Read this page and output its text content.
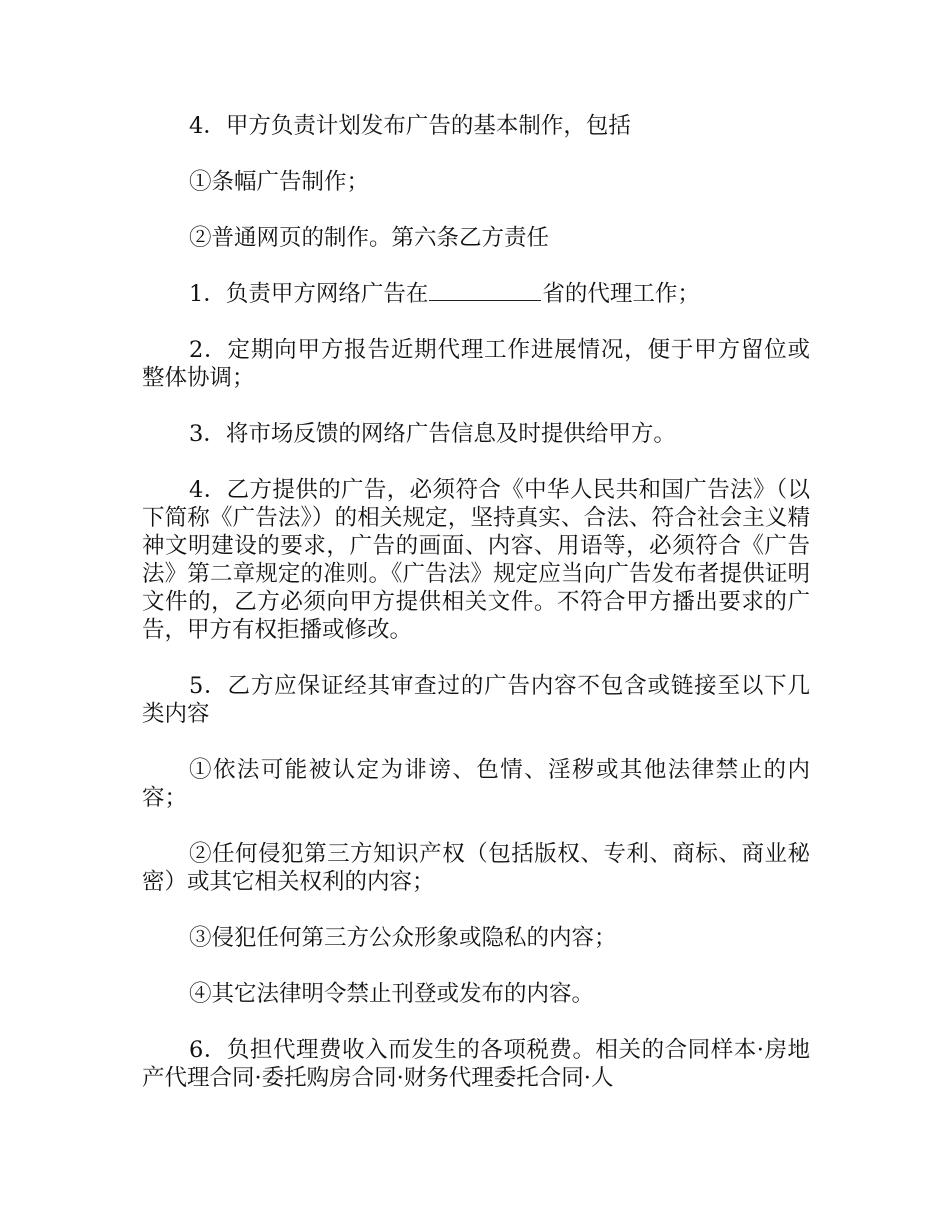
4．甲方负责计划发布广告的基本制作，包括

①条幅广告制作；

②普通网页的制作。第六条乙方责任

1．负责甲方网络广告在	省的代理工作；

2．定期向甲方报告近期代理工作进展情况，便于甲方留位或整体协调；

3．将市场反馈的网络广告信息及时提供给甲方。

4．乙方提供的广告，必须符合《中华人民共和国广告法》（以下简称《广告法》）的相关规定，坚持真实、合法、符合社会主义精神文明建设的要求，广告的画面、内容、用语等，必须符合《广告法》第二章规定的准则。《广告法》规定应当向广告发布者提供证明文件的，乙方必须向甲方提供相关文件。不符合甲方播出要求的广告，甲方有权拒播或修改。

5．乙方应保证经其审查过的广告内容不包含或链接至以下几类内容

①依法可能被认定为诽谤、色情、淫秽或其他法律禁止的内容；

②任何侵犯第三方知识产权（包括版权、专利、商标、商业秘密）或其它相关权利的内容；

③侵犯任何第三方公众形象或隐私的内容；

④其它法律明令禁止刊登或发布的内容。

6．负担代理费收入而发生的各项税费。相关的合同样本·房地产代理合同·委托购房合同·财务代理委托合同·人
